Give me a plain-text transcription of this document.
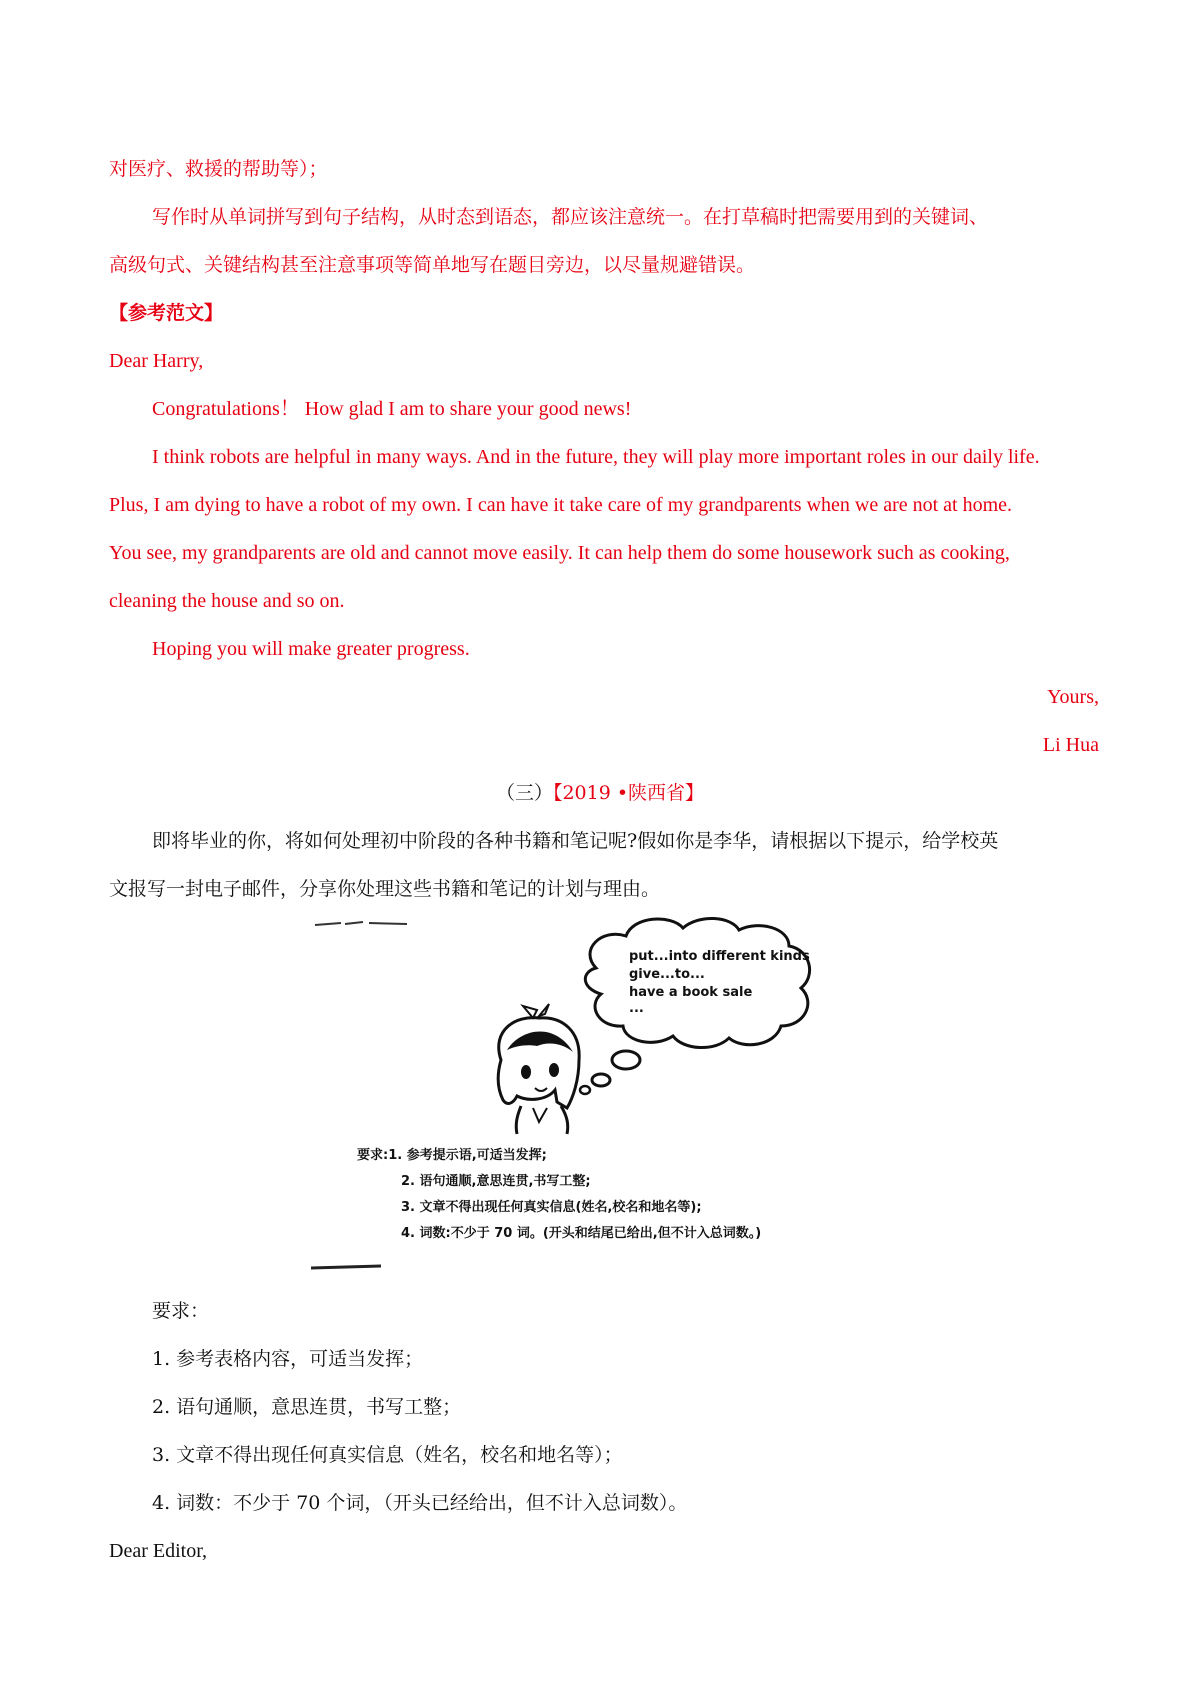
对医疗、救援的帮助等）；
写作时从单词拼写到句子结构，从时态到语态，都应该注意统一。在打草稿时把需要用到的关键词、
高级句式、关键结构甚至注意事项等简单地写在题目旁边，以尽量规避错误。
【参考范文】
Dear Harry,
Congratulations！ How glad I am to share your good news!
I think robots are helpful in many ways. And in the future, they will play more important roles in our daily life.
Plus, I am dying to have a robot of my own. I can have it take care of my grandparents when we are not at home.
You see, my grandparents are old and cannot move easily. It can help them do some housework such as cooking,
cleaning the house and so on.
Hoping you will make greater progress.
Yours,
Li Hua
（三）【2019 •陕西省】
即将毕业的你，将如何处理初中阶段的各种书籍和笔记呢?假如你是李华，请根据以下提示，给学校英
文报写一封电子邮件，分享你处理这些书籍和笔记的计划与理由。
put...into different kinds
give...to...
have a book sale
...
要求:1. 参考提示语,可适当发挥;
2. 语句通顺,意思连贯,书写工整;
3. 文章不得出现任何真实信息(姓名,校名和地名等);
4. 词数:不少于 70 词。(开头和结尾已给出,但不计入总词数。)
要求：
1. 参考表格内容，可适当发挥；
2. 语句通顺，意思连贯，书写工整；
3. 文章不得出现任何真实信息（姓名，校名和地名等）；
4. 词数：不少于 70 个词，（开头已经给出，但不计入总词数）。
Dear Editor,
